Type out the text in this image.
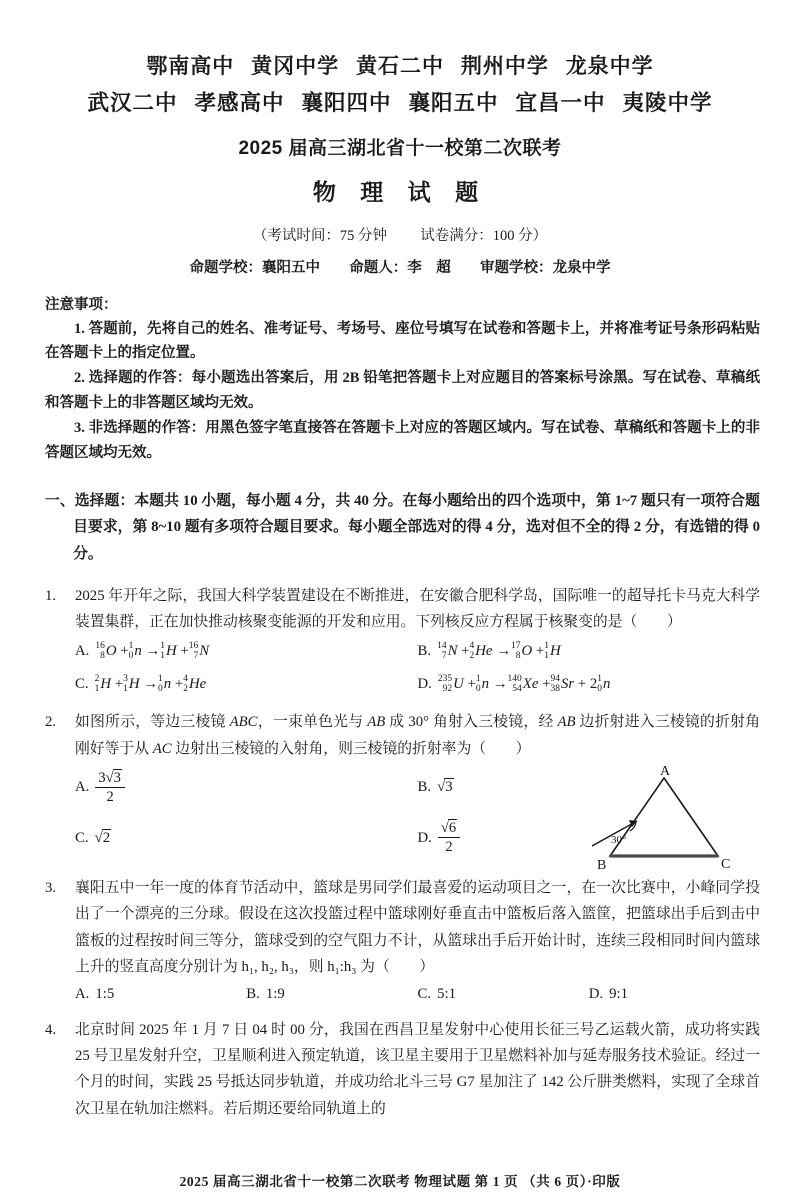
鄂南高中 黄冈中学 黄石二中 荆州中学 龙泉中学
武汉二中 孝感高中 襄阳四中 襄阳五中 宜昌一中 夷陵中学
2025 届高三湖北省十一校第二次联考
物 理 试 题
（考试时间：75 分钟 试卷满分：100 分）
命题学校：襄阳五中 命题人：李　超 审题学校：龙泉中学
注意事项：
1. 答题前，先将自己的姓名、准考证号、考场号、座位号填写在试卷和答题卡上，并将准考证号条形码粘贴在答题卡上的指定位置。
2. 选择题的作答：每小题选出答案后，用 2B 铅笔把答题卡上对应题目的答案标号涂黑。写在试卷、草稿纸和答题卡上的非答题区域均无效。
3. 非选择题的作答：用黑色签字笔直接答在答题卡上对应的答题区域内。写在试卷、草稿纸和答题卡上的非答题区域均无效。
一、选择题：本题共 10 小题，每小题 4 分，共 40 分。在每小题给出的四个选项中，第 1~7 题只有一项符合题目要求，第 8~10 题有多项符合题目要求。每小题全部选对的得 4 分，选对但不全的得 2 分，有选错的得 0 分。
1.	2025 年开年之际，我国大科学装置建设在不断推进，在安徽合肥科学岛，国际唯一的超导托卡马克大科学装置集群，正在加快推动核聚变能源的开发和应用。下列核反应方程属于核聚变的是（　　）
A. 16
8 O + 1
0 n → 1
1 H + 16
7 N	B. 14
7 N + 4
2 He → 17
8 O + 1
1 H
C. 2
1 H + 3
1 H → 1
0 n + 4
2 He	D. 235
92 U + 1
0 n → 140
54 Xe + 94
38 Sr + 2 1
0 n
2.	如图所示，等边三棱镜 ABC，一束单色光与 AB 成 30° 角射入三棱镜，经 AB 边折射进入三棱镜的折射角刚好等于从 AC 边射出三棱镜的入射角，则三棱镜的折射率为（　　）
A
B	C
30°
A. $\frac{3√3}{2}$	B. √3
C. √2	D. $\frac{√6}{2}$
3.	襄阳五中一年一度的体育节活动中，篮球是男同学们最喜爱的运动项目之一，在一次比赛中，小峰同学投出了一个漂亮的三分球。假设在这次投篮过程中篮球刚好垂直击中篮板后落入篮筐，把篮球出手后到击中篮板的过程按时间三等分，篮球受到的空气阻力不计，从篮球出手后开始计时，连续三段相同时间内篮球上升的竖直高度分别计为 h₁, h₂, h₃，则 h₁:h₃ 为（　　）
A. 1:5	B. 1:9	C. 5:1	D. 9:1
4.	北京时间 2025 年 1 月 7 日 04 时 00 分，我国在西昌卫星发射中心使用长征三号乙运载火箭，成功将实践 25 号卫星发射升空，卫星顺利进入预定轨道，该卫星主要用于卫星燃料补加与延寿服务技术验证。经过一个月的时间，实践 25 号抵达同步轨道，并成功给北斗三号 G7 星加注了 142 公斤肼类燃料，实现了全球首次卫星在轨加注燃料。若后期还要给同轨道上的
2025 届高三湖北省十一校第二次联考 物理试题 第 1 页 （共 6 页）·印版
